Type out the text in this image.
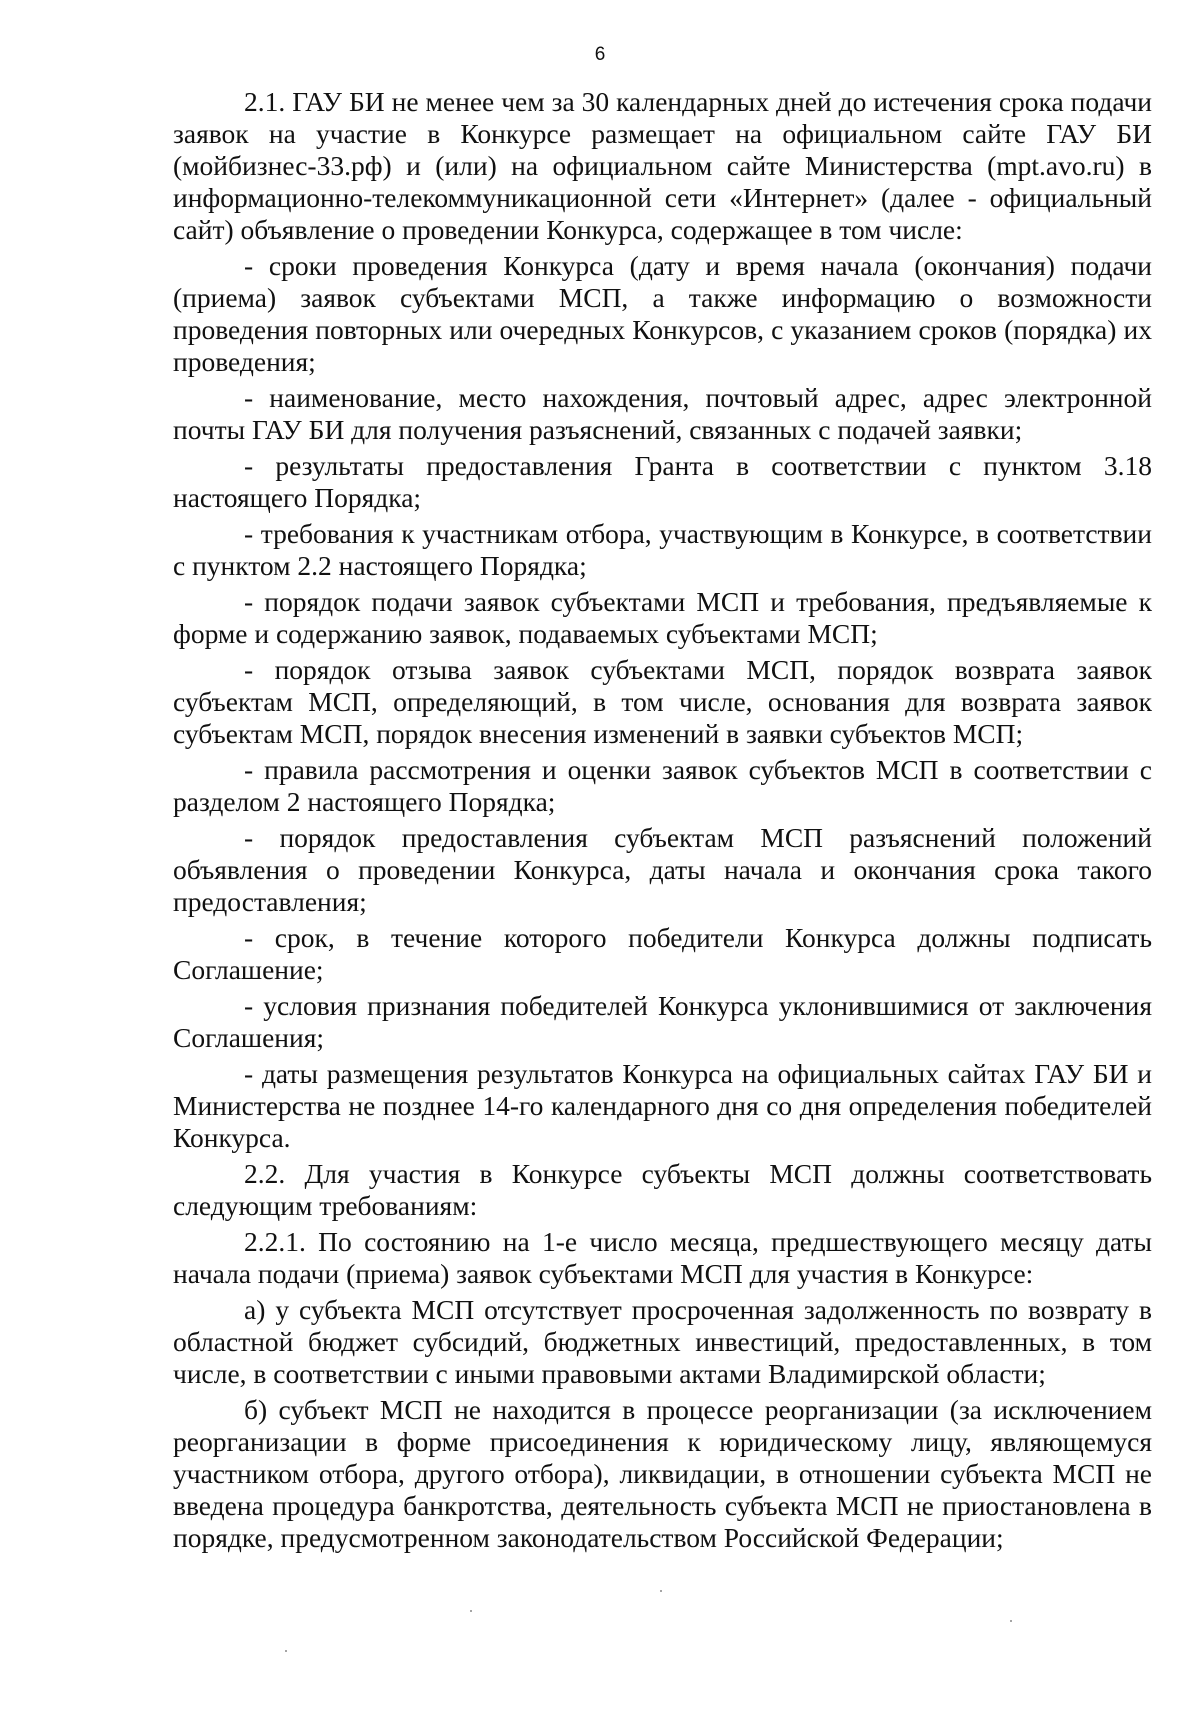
6

2.1. ГАУ БИ не менее чем за 30 календарных дней до истечения срока подачи заявок на участие в Конкурсе размещает на официальном сайте ГАУ БИ (мойбизнес-33.рф) и (или) на официальном сайте Министерства (mpt.avo.ru) в информационно-телекоммуникационной сети «Интернет» (далее - официальный сайт) объявление о проведении Конкурса, содержащее в том числе:

- сроки проведения Конкурса (дату и время начала (окончания) подачи (приема) заявок субъектами МСП, а также информацию о возможности проведения повторных или очередных Конкурсов, с указанием сроков (порядка) их проведения;

- наименование, место нахождения, почтовый адрес, адрес электронной почты ГАУ БИ для получения разъяснений, связанных с подачей заявки;

- результаты предоставления Гранта в соответствии с пунктом 3.18 настоящего Порядка;

- требования к участникам отбора, участвующим в Конкурсе, в соответствии с пунктом 2.2 настоящего Порядка;

- порядок подачи заявок субъектами МСП и требования, предъявляемые к форме и содержанию заявок, подаваемых субъектами МСП;

- порядок отзыва заявок субъектами МСП, порядок возврата заявок субъектам МСП, определяющий, в том числе, основания для возврата заявок субъектам МСП, порядок внесения изменений в заявки субъектов МСП;

- правила рассмотрения и оценки заявок субъектов МСП в соответствии с разделом 2 настоящего Порядка;

- порядок предоставления субъектам МСП разъяснений положений объявления о проведении Конкурса, даты начала и окончания срока такого предоставления;

- срок, в течение которого победители Конкурса должны подписать Соглашение;

- условия признания победителей Конкурса уклонившимися от заключения Соглашения;

- даты размещения результатов Конкурса на официальных сайтах ГАУ БИ и Министерства не позднее 14-го календарного дня со дня определения победителей Конкурса.

2.2. Для участия в Конкурсе субъекты МСП должны соответствовать следующим требованиям:

2.2.1. По состоянию на 1-е число месяца, предшествующего месяцу даты начала подачи (приема) заявок субъектами МСП для участия в Конкурсе:

а) у субъекта МСП отсутствует просроченная задолженность по возврату в областной бюджет субсидий, бюджетных инвестиций, предоставленных, в том числе, в соответствии с иными правовыми актами Владимирской области;

б) субъект МСП не находится в процессе реорганизации (за исключением реорганизации в форме присоединения к юридическому лицу, являющемуся участником отбора, другого отбора), ликвидации, в отношении субъекта МСП не введена процедура банкротства, деятельность субъекта МСП не приостановлена в порядке, предусмотренном законодательством Российской Федерации;
